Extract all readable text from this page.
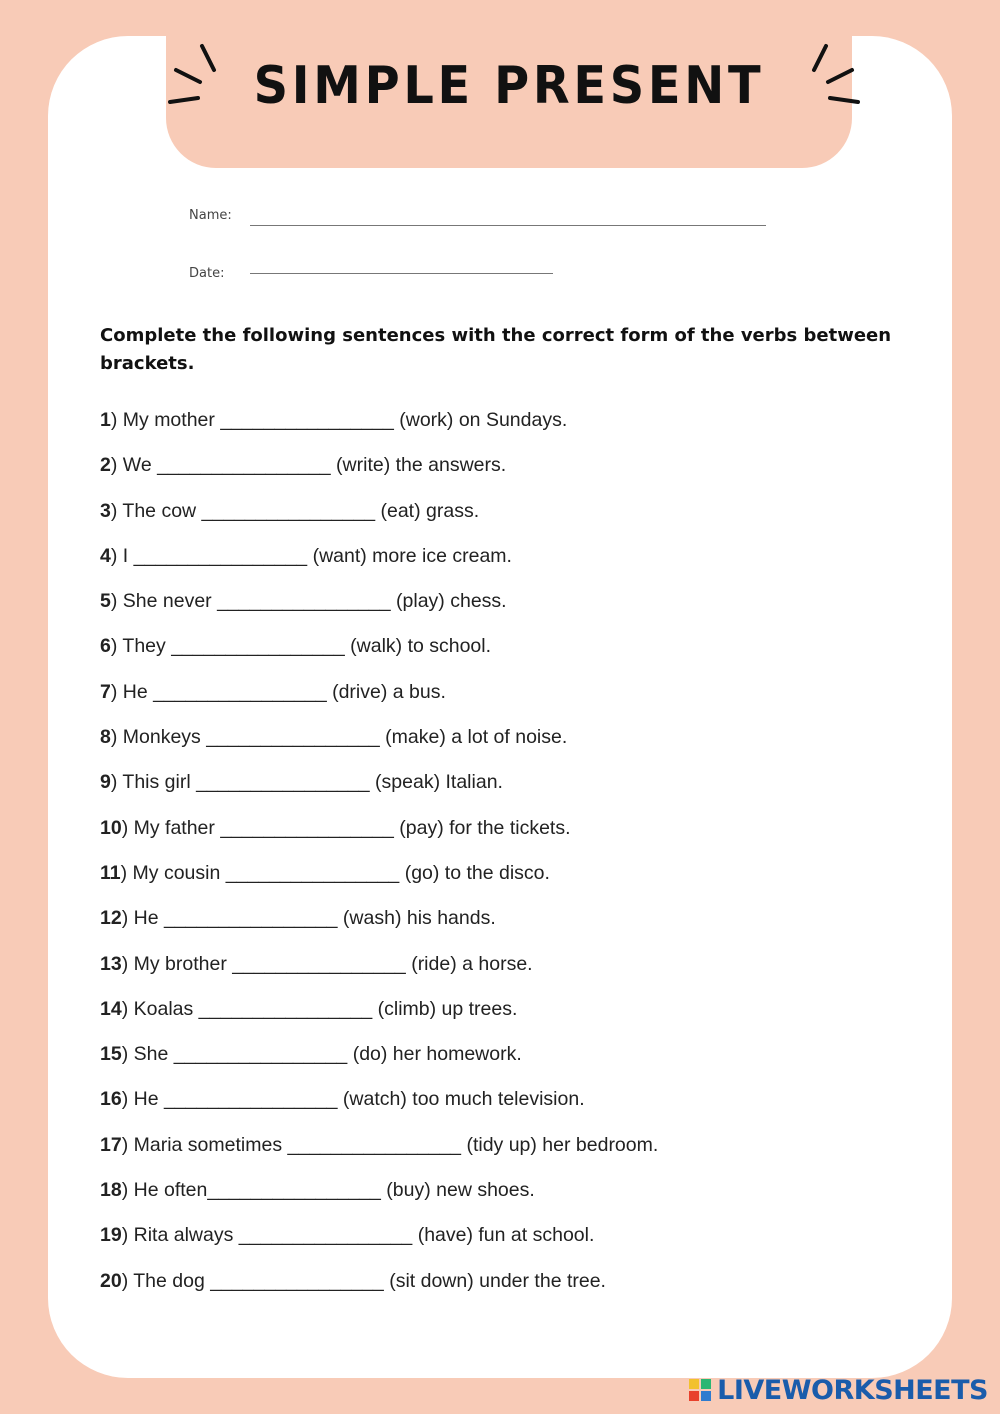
SIMPLE PRESENT
Name:
Date:
Complete the following sentences with the correct form of the verbs between brackets.
1) My mother ________________ (work) on Sundays.
2) We ________________ (write) the answers.
3) The cow ________________ (eat) grass.
4) I ________________ (want) more ice cream.
5) She never ________________ (play) chess.
6) They ________________ (walk) to school.
7) He ________________ (drive) a bus.
8) Monkeys ________________ (make) a lot of noise.
9) This girl ________________ (speak) Italian.
10) My father ________________ (pay) for the tickets.
11) My cousin ________________ (go) to the disco.
12) He ________________ (wash) his hands.
13) My brother ________________ (ride) a horse.
14) Koalas ________________ (climb) up trees.
15) She ________________ (do) her homework.
16) He ________________ (watch) too much television.
17) Maria sometimes ________________ (tidy up) her bedroom.
18) He often________________ (buy) new shoes.
19) Rita always ________________ (have) fun at school.
20) The dog ________________ (sit down) under the tree.
LIVEWORKSHEETS
